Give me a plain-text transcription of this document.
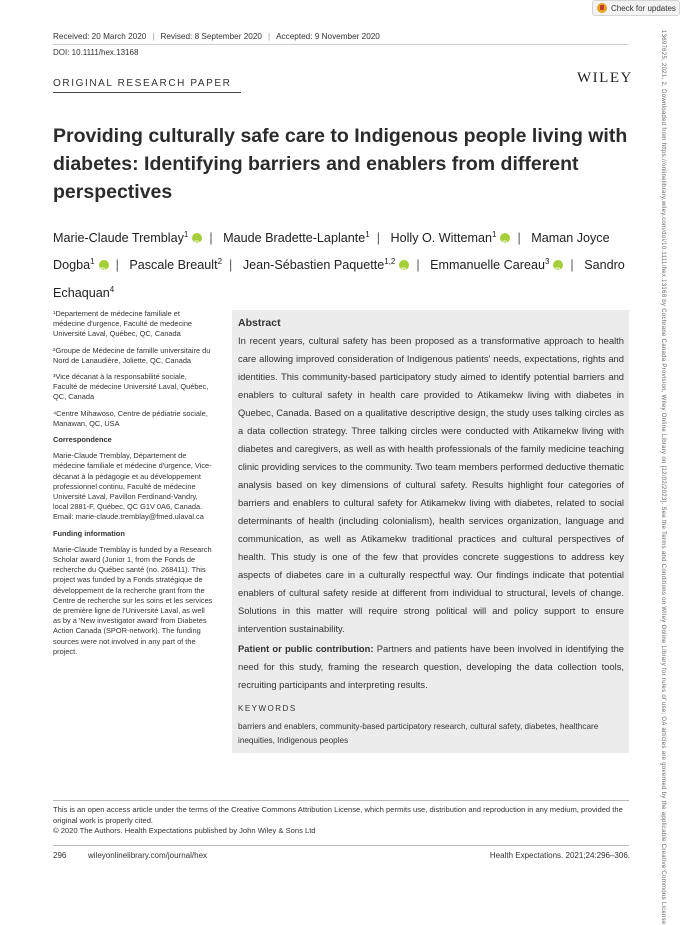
Check for updates
Received: 20 March 2020 | Revised: 8 September 2020 | Accepted: 9 November 2020
DOI: 10.1111/hex.13168
ORIGINAL RESEARCH PAPER	WILEY
Providing culturally safe care to Indigenous people living with diabetes: Identifying barriers and enablers from different perspectives
Marie-Claude Tremblay$^1$ iD | Maude Bradette-Laplante$^1$ | Holly O. Witteman$^1$ iD | Maman Joyce Dogba$^1$ iD | Pascale Breault$^2$ | Jean-Sébastien Paquette$^{1,2}$ iD | Emmanuelle Careau$^3$ iD | Sandro Echaquan$^4$

¹Departement de médecine familiale et médecine d'urgence, Faculté de medecine Université Laval, Québec, QC, Canada

²Groupe de Médecine de famille universitaire du Nord de Lanaudière, Joliette, QC, Canada

³Vice décanat à la responsabilité sociale, Faculté de médecine Université Laval, Québec, QC, Canada

⁴Centre Mihawoso, Centre de pédiatrie sociale, Manawan, QC, USA

Correspondence

Marie-Claude Tremblay, Département de médecine familiale et médecine d'urgence, Vice-décanat à la pédagogie et au développement professionnel continu, Faculté de médecine Université Laval, Pavillon Ferdinand-Vandry, local 2881-F, Québec, QC G1V 0A6, Canada.

Email: marie-claude.tremblay@fmed.ulaval.ca

Funding information

Marie-Claude Tremblay is funded by a Research Scholar award (Junior 1, from the Fonds de recherche du Québec santé (no. 268411). This project was funded by a Fonds stratégique de développement de la recherche grant from the Centre de recherche sur les soins et les services de première ligne de l'Université Laval, as well as by a 'New investigator award' from Diabetes Action Canada (SPOR-network). The funding sources were not involved in any part of the project.

Abstract
In recent years, cultural safety has been proposed as a transformative approach to health care allowing improved consideration of Indigenous patients' needs, expectations, rights and identities. This community-based participatory study aimed to identify potential barriers and enablers to cultural safety in health care provided to Atikamekw living with diabetes in Quebec, Canada. Based on a qualitative descriptive design, the study uses talking circles as a data collection strategy. Three talking circles were conducted with Atikamekw living with diabetes and caregivers, as well as with health professionals of the family medicine teaching clinic providing services to the community. Two team members performed deductive thematic analysis based on key dimensions of cultural safety. Results highlight four categories of barriers and enablers to cultural safety for Atikamekw living with diabetes, related to social determinants of health (including colonialism), health services organization, language and communication, as well as Atikamekw traditional practices and cultural perspectives of health. This study is one of the few that provides concrete suggestions to address key aspects of diabetes care in a culturally respectful way. Our findings indicate that potential enablers of cultural safety reside at different from individual to structural, levels of change. Solutions in this matter will require strong political will and policy support to ensure intervention sustainability.
Patient or public contribution: Partners and patients have been involved in identifying the need for this study, framing the research question, developing the data collection tools, recruiting participants and interpreting results.
KEYWORDS
barriers and enablers, community-based participatory research, cultural safety, diabetes, healthcare inequities, Indigenous peoples
This is an open access article under the terms of the Creative Commons Attribution License, which permits use, distribution and reproduction in any medium, provided the original work is properly cited.
© 2020 The Authors. Health Expectations published by John Wiley & Sons Ltd
296	wileyonlinelibrary.com/journal/hex	Health Expectations. 2021;24:296–306.	13697625, 2021, 2, Downloaded from https://onlinelibrary.wiley.com/doi/10.1111/hex.13168 by Cochrane Canada Provision, Wiley Online Library on [12/02/2023]. See the Terms and Conditions on Wiley Online Library for rules of use; OA articles are governed by the applicable Creative Commons License
